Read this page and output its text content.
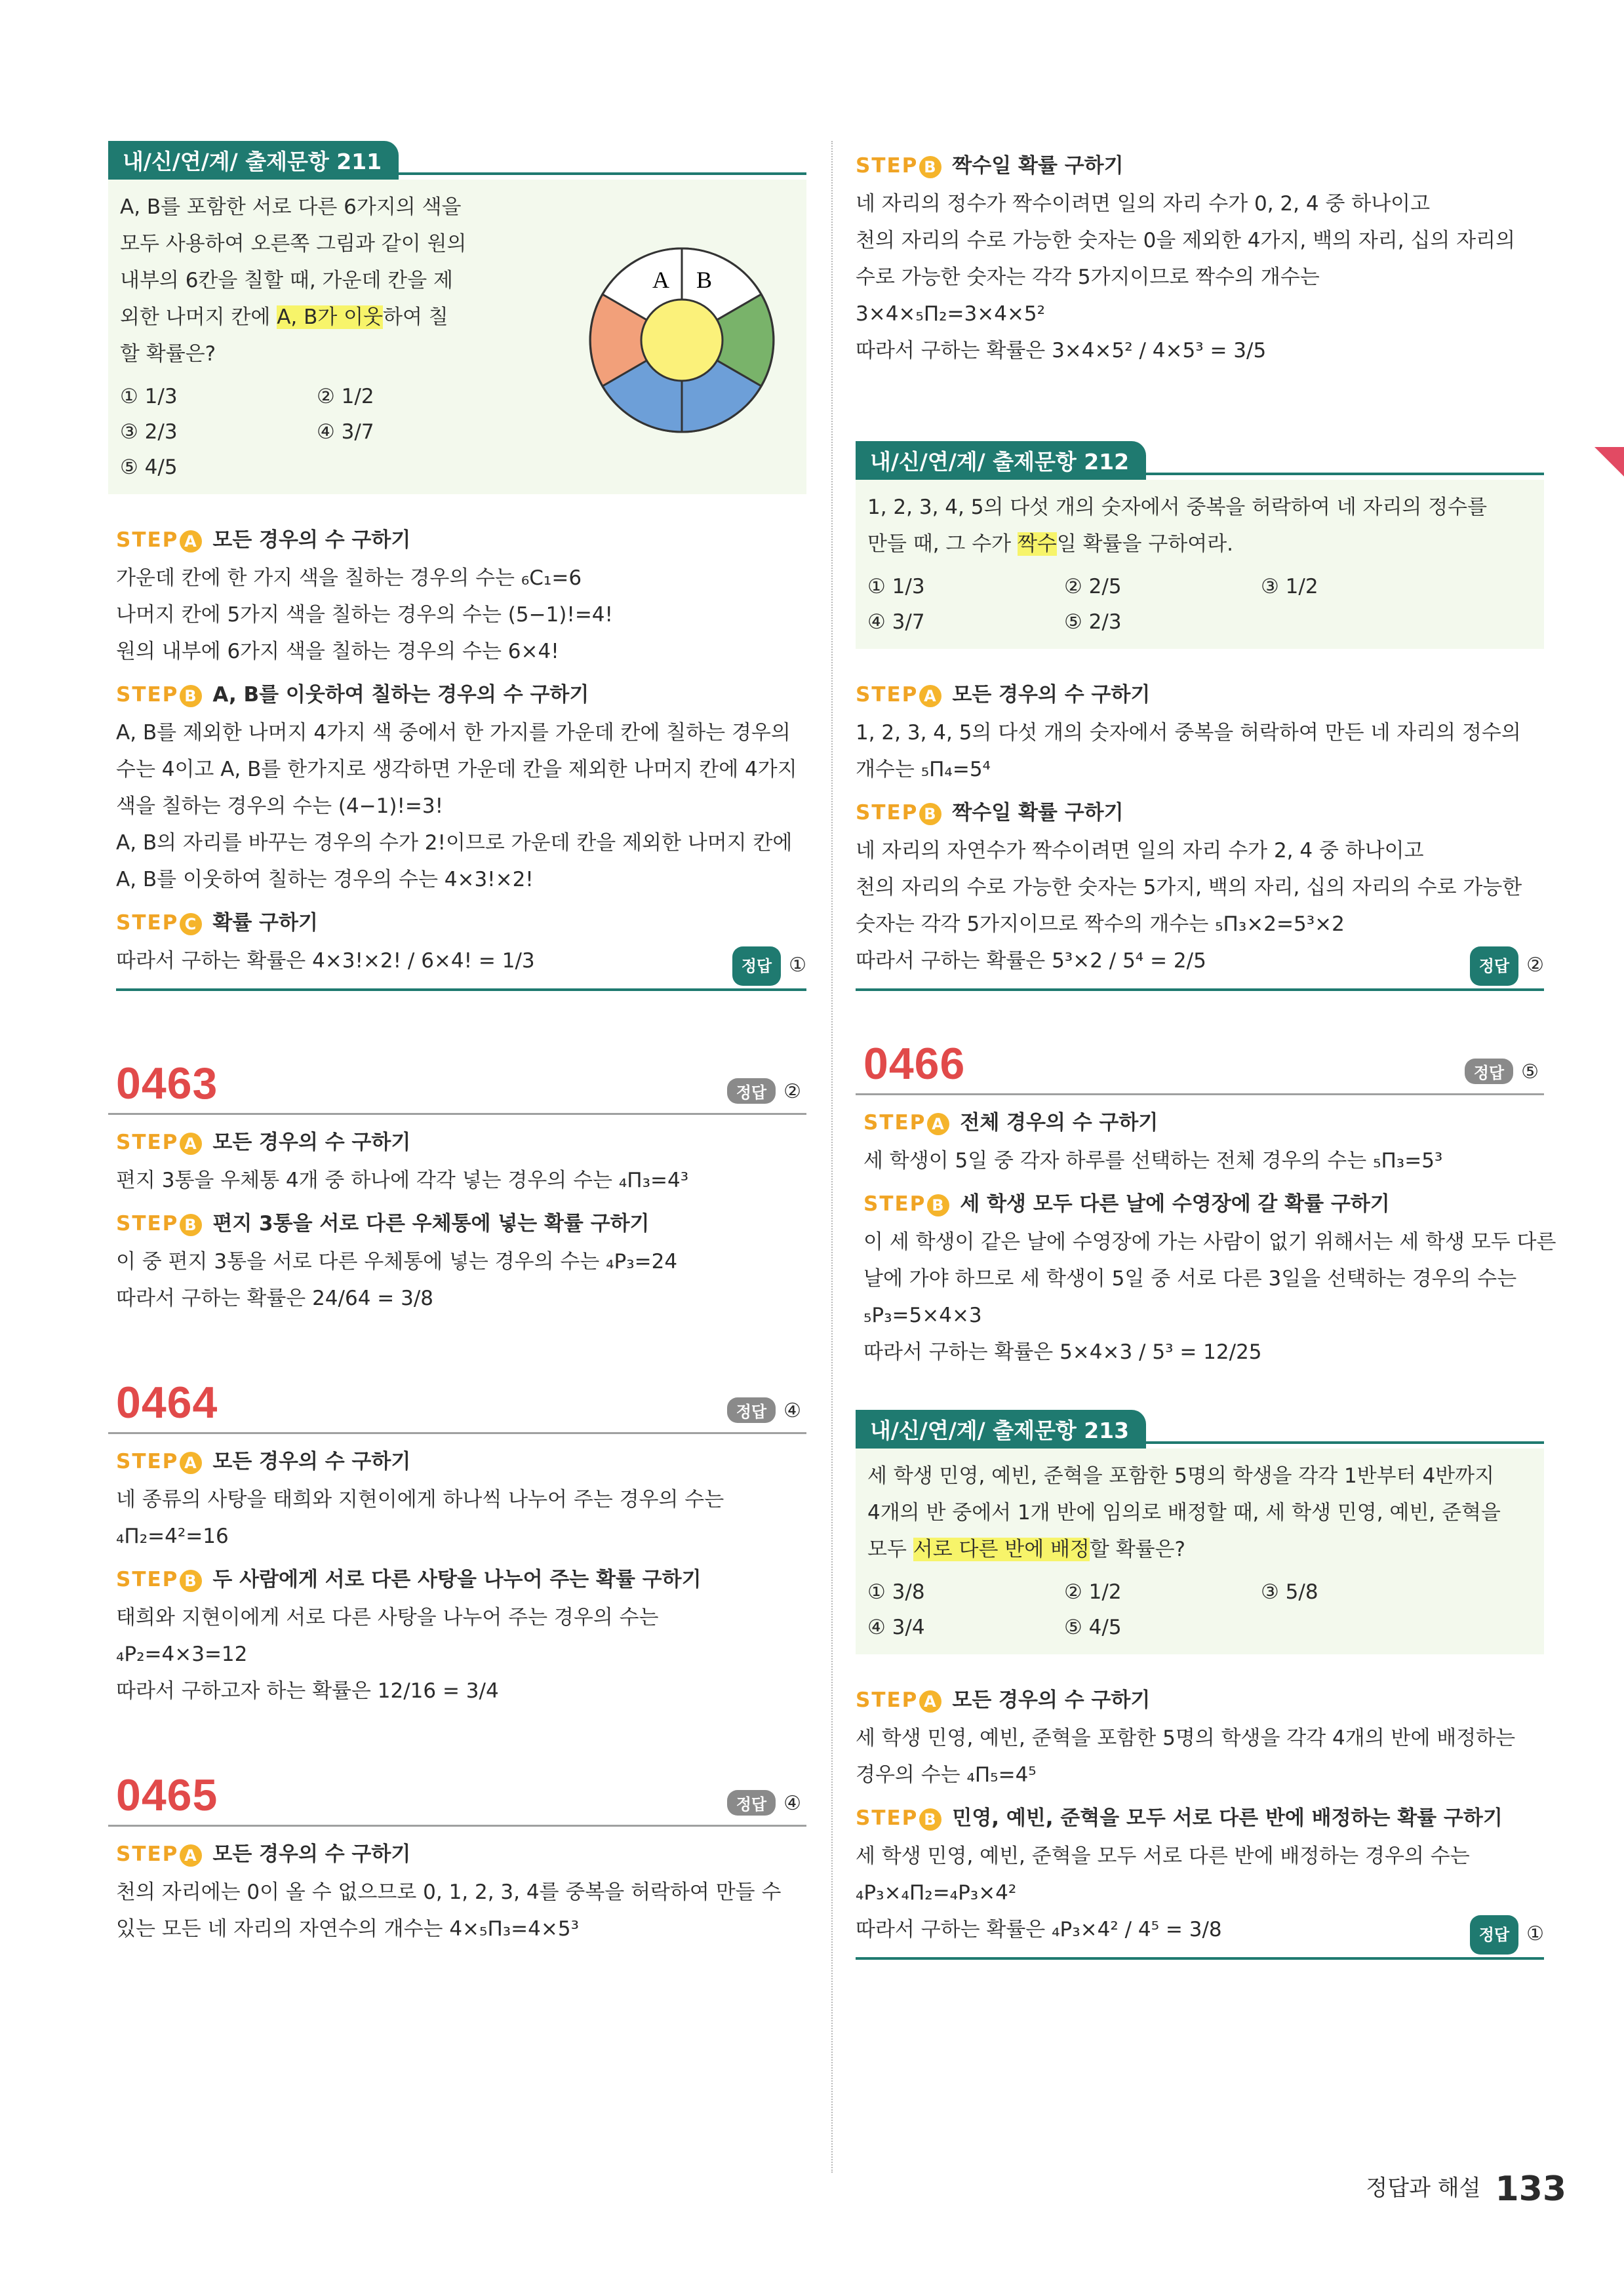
내/신/연/계/ 출제문항 211
A, B를 포함한 서로 다른 6가지의 색을
모두 사용하여 오른쪽 그림과 같이 원의
내부의 6칸을 칠할 때, 가운데 칸을 제
외한 나머지 칸에 A, B가 이웃하여 칠
할 확률은?
A B
① 1/3	② 1/2
③ 2/3	④ 3/7
⑤ 4/5
STEP A 모든 경우의 수 구하기
가운데 칸에 한 가지 색을 칠하는 경우의 수는 ₆C₁=6
나머지 칸에 5가지 색을 칠하는 경우의 수는 (5−1)!=4!
원의 내부에 6가지 색을 칠하는 경우의 수는 6×4!
STEP B A, B를 이웃하여 칠하는 경우의 수 구하기
A, B를 제외한 나머지 4가지 색 중에서 한 가지를 가운데 칸에 칠하는 경우의
수는 4이고 A, B를 한가지로 생각하면 가운데 칸을 제외한 나머지 칸에 4가지
색을 칠하는 경우의 수는 (4−1)!=3!
A, B의 자리를 바꾸는 경우의 수가 2!이므로 가운데 칸을 제외한 나머지 칸에
A, B를 이웃하여 칠하는 경우의 수는 4×3!×2!
STEP C 확률 구하기
따라서 구하는 확률은 4×3!×2! / 6×4! = 1/3	정답 ①
0463	정답 ②
STEP A 모든 경우의 수 구하기
편지 3통을 우체통 4개 중 하나에 각각 넣는 경우의 수는 ₄Π₃=4³
STEP B 편지 3통을 서로 다른 우체통에 넣는 확률 구하기
이 중 편지 3통을 서로 다른 우체통에 넣는 경우의 수는 ₄P₃=24
따라서 구하는 확률은 24/64 = 3/8
0464	정답 ④
STEP A 모든 경우의 수 구하기
네 종류의 사탕을 태희와 지현이에게 하나씩 나누어 주는 경우의 수는
₄Π₂=4²=16
STEP B 두 사람에게 서로 다른 사탕을 나누어 주는 확률 구하기
태희와 지현이에게 서로 다른 사탕을 나누어 주는 경우의 수는
₄P₂=4×3=12
따라서 구하고자 하는 확률은 12/16 = 3/4
0465	정답 ④
STEP A 모든 경우의 수 구하기
천의 자리에는 0이 올 수 없으므로 0, 1, 2, 3, 4를 중복을 허락하여 만들 수
있는 모든 네 자리의 자연수의 개수는 4×₅Π₃=4×5³
STEP B 짝수일 확률 구하기
네 자리의 정수가 짝수이려면 일의 자리 수가 0, 2, 4 중 하나이고
천의 자리의 수로 가능한 숫자는 0을 제외한 4가지, 백의 자리, 십의 자리의
수로 가능한 숫자는 각각 5가지이므로 짝수의 개수는
3×4×₅Π₂=3×4×5²
따라서 구하는 확률은 3×4×5² / 4×5³ = 3/5
내/신/연/계/ 출제문항 212
1, 2, 3, 4, 5의 다섯 개의 숫자에서 중복을 허락하여 네 자리의 정수를
만들 때, 그 수가 짝수일 확률을 구하여라.
① 1/3	② 2/5	③ 1/2
④ 3/7	⑤ 2/3
STEP A 모든 경우의 수 구하기
1, 2, 3, 4, 5의 다섯 개의 숫자에서 중복을 허락하여 만든 네 자리의 정수의
개수는 ₅Π₄=5⁴
STEP B 짝수일 확률 구하기
네 자리의 자연수가 짝수이려면 일의 자리 수가 2, 4 중 하나이고
천의 자리의 수로 가능한 숫자는 5가지, 백의 자리, 십의 자리의 수로 가능한
숫자는 각각 5가지이므로 짝수의 개수는 ₅Π₃×2=5³×2
따라서 구하는 확률은 5³×2 / 5⁴ = 2/5	정답 ②
0466	정답 ⑤
STEP A 전체 경우의 수 구하기
세 학생이 5일 중 각자 하루를 선택하는 전체 경우의 수는 ₅Π₃=5³
STEP B 세 학생 모두 다른 날에 수영장에 갈 확률 구하기
이 세 학생이 같은 날에 수영장에 가는 사람이 없기 위해서는 세 학생 모두 다른
날에 가야 하므로 세 학생이 5일 중 서로 다른 3일을 선택하는 경우의 수는
₅P₃=5×4×3
따라서 구하는 확률은 5×4×3 / 5³ = 12/25
내/신/연/계/ 출제문항 213
세 학생 민영, 예빈, 준혁을 포함한 5명의 학생을 각각 1반부터 4반까지
4개의 반 중에서 1개 반에 임의로 배정할 때, 세 학생 민영, 예빈, 준혁을
모두 서로 다른 반에 배정할 확률은?
① 3/8	② 1/2	③ 5/8
④ 3/4	⑤ 4/5
STEP A 모든 경우의 수 구하기
세 학생 민영, 예빈, 준혁을 포함한 5명의 학생을 각각 4개의 반에 배정하는
경우의 수는 ₄Π₅=4⁵
STEP B 민영, 예빈, 준혁을 모두 서로 다른 반에 배정하는 확률 구하기
세 학생 민영, 예빈, 준혁을 모두 서로 다른 반에 배정하는 경우의 수는
₄P₃×₄Π₂=₄P₃×4²
따라서 구하는 확률은 ₄P₃×4² / 4⁵ = 3/8	정답 ①
정답과 해설 133
